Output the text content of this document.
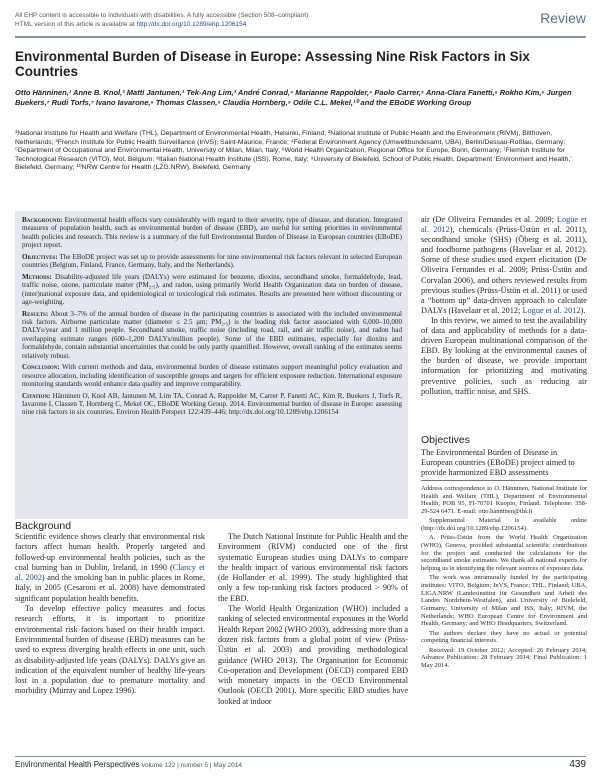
All EHP content is accessible to individuals with disabilities. A fully accessible (Section 508–compliant)
HTML version of this article is available at http://dx.doi.org/10.1289/ehp.1206154	Review
Environmental Burden of Disease in Europe: Assessing Nine Risk Factors in Six Countries
Otto Hänninen,¹ Anne B. Knol,² Matti Jantunen,¹ Tek-Ang Lim,³ André Conrad,⁴ Marianne Rappolder,⁴ Paolo Carrer,⁵ Anna-Clara Fanetti,⁵ Rokho Kim,⁶ Jurgen Buekers,⁷ Rudi Torfs,⁷ Ivano Iavarone,⁸ Thomas Classen,⁹ Claudia Hornberg,⁹ Odile C.L. Mekel,¹⁰ and the EBoDE Working Group
¹National Institute for Health and Welfare (THL), Department of Environmental Health, Helsinki, Finland; ²National Institute of Public Health and the Environment (RIVM), Bilthoven, Netherlands; ³French Institute for Public Health Surveillance (InVS), Saint-Maurice, France; ⁴Federal Environment Agency (Umweltbundesamt, UBA), Berlin/Dessau-Roßlau, Germany; ⁵Department of Occupational and Environmental Health, University of Milan, Milan, Italy; ⁶World Health Organization, Regional Office for Europe, Bonn, Germany; ⁷Flemish Institute for Technological Research (VITO), Mol, Belgium; ⁸Italian National Health Institute (ISS), Rome, Italy; ⁹University of Bielefeld, School of Public Health, Department ‘Environment and Health,’ Bielefeld, Germany; ¹⁰NRW Centre for Health (LZG.NRW), Bielefeld, Germany

Background: Environmental health effects vary considerably with regard to their severity, type of disease, and duration. Integrated measures of population health, such as environmental burden of disease (EBD), are useful for setting priorities in environmental health policies and research. This review is a summary of the full Environmental Burden of Disease in European countries (EBoDE) project report.

Objectives: The EBoDE project was set up to provide assessments for nine environmental risk factors relevant in selected European countries (Belgium, Finland, France, Germany, Italy, and the Netherlands).

Methods: Disability-adjusted life years (DALYs) were estimated for benzene, dioxins, secondhand smoke, formaldehyde, lead, traffic noise, ozone, particulate matter (PM₂.₅), and radon, using primarily World Health Organization data on burden of disease, (inter)national exposure data, and epidemiological or toxicological risk estimates. Results are presented here without discounting or age-weighting.

Results: About 3–7% of the annual burden of disease in the participating countries is associated with the included environmental risk factors. Airborne particulate matter (diameter ≤ 2.5 μm; PM₂.₅) is the leading risk factor associated with 6,000–10,000 DALYs/year and 1 million people. Secondhand smoke, traffic noise (including road, rail, and air traffic noise), and radon had overlapping estimate ranges (600–1,200 DALYs/million people). Some of the EBD estimates, especially for dioxins and formaldehyde, contain substantial uncertainties that could be only partly quantified. However, overall ranking of the estimates seems relatively robust.

Conclusion: With current methods and data, environmental burden of disease estimates support meaningful policy evaluation and resource allocation, including identification of susceptible groups and targets for efficient exposure reduction. International exposure monitoring standards would enhance data quality and improve comparability.

Citation: Hänninen O, Knol AB, Jantunen M, Lim TA, Conrad A, Rappolder M, Carrer P, Fanetti AC, Kim R, Buekers J, Torfs R, Iavarone I, Classen T, Hornberg C, Mekel OC, EBoDE Working Group. 2014. Environmental burden of disease in Europe: assessing nine risk factors in six countries. Environ Health Perspect 122:439–446; http://dx.doi.org/10.1289/ehp.1206154

air (De Oliveira Fernandes et al. 2009; Logue et al. 2012), chemicals (Prüss-Üstün et al. 2011), secondhand smoke (SHS) (Öberg et al. 2011), and foodborne pathogens (Havelaar et al. 2012). Some of these studies used expert elicitation (De Oliveira Fernandes et al. 2009; Prüss-Üstün and Corvalan 2006), and others reviewed results from previous studies (Prüss-Üstün et al. 2011) or used a “bottom up” data-driven approach to calculate DALYs (Havelaar et al. 2012; Logue et al. 2012).

In this review, we aimed to test the availability of data and applicability of methods for a data-driven European multinational comparison of the EBD. By looking at the environmental causes of the burden of disease, we provide important information for prioritizing and motivating preventive policies, such as reducing air pollution, traffic noise, and SHS.

Objectives
The Environmental Burden of Disease in European countries (EBoDE) project aimed to provide harmonized EBD assessments

Address correspondence to O. Hänninen, National Institute for Health and Welfare (THL), Department of Environmental Health, POB 95, FI-70701 Kuopio, Finland. Telephone: 358-29-524 6471. E-mail: otto.hanninen@thl.fi

Supplemental Material is available online (http://dx.doi.org/10.1289/ehp.1206154).

A. Prüss-Üstün from the World Health Organization (WHO), Geneva, provided substantial scientific contributions for the project and conducted the calculations for the secondhand smoke estimates. We thank all national experts for helping us in identifying the relevant sources of exposure data.

The work was intramurally funded by the participating institutes: VITO, Belgium; InVS, France; THL, Finland; UBA, LIGA.NRW (Landesinstitut für Gesundheit und Arbeit des Landes Nordrhein-Westfalen), and University of Bielefeld, Germany; University of Milan and ISS, Italy; RIVM, the Netherlands; WHO European Centre for Environment and Health, Germany; and WHO Headquarters, Switzerland.

The authors declare they have no actual or potential competing financial interests.

Received: 19 October 2012; Accepted: 26 February 2014; Advance Publication: 28 February 2014; Final Publication: 1 May 2014.

Background

Scientific evidence shows clearly that environmental risk factors affect human health. Properly targeted and followed-up environmental health policies, such as the coal burning ban in Dublin, Ireland, in 1990 (Clancy et al. 2002) and the smoking ban in public places in Rome, Italy, in 2005 (Cesaroni et al. 2008) have demonstrated significant population health benefits.

To develop effective policy measures and focus research efforts, it is important to prioritize environmental risk factors based on their health impact. Environmental burden of disease (EBD) measures can be used to express diverging health effects in one unit, such as disability-adjusted life years (DALYs). DALYs give an indication of the equivalent number of healthy life-years lost in a population due to premature mortality and morbidity (Murray and Lopez 1996).

The Dutch National Institute for Public Health and the Environment (RIVM) conducted one of the first systematic European studies using DALYs to compare the health impact of various environmental risk factors (de Hollander et al. 1999). The study highlighted that only a few top-ranking risk factors produced > 90% of the EBD.

The World Health Organization (WHO) included a ranking of selected environmental exposures in the World Health Report 2002 (WHO 2003), addressing more than a dozen risk factors from a global point of view (Prüss-Üstün et al. 2003) and providing methodological guidance (WHO 2013). The Organisation for Economic Co-operation and Development (OECD) compared EBD with monetary impacts in the OECD Environmental Outlook (OECD 2001). More specific EBD studies have looked at indoor

Environmental Health Perspectives volume 122 | number 5 | May 2014	439
